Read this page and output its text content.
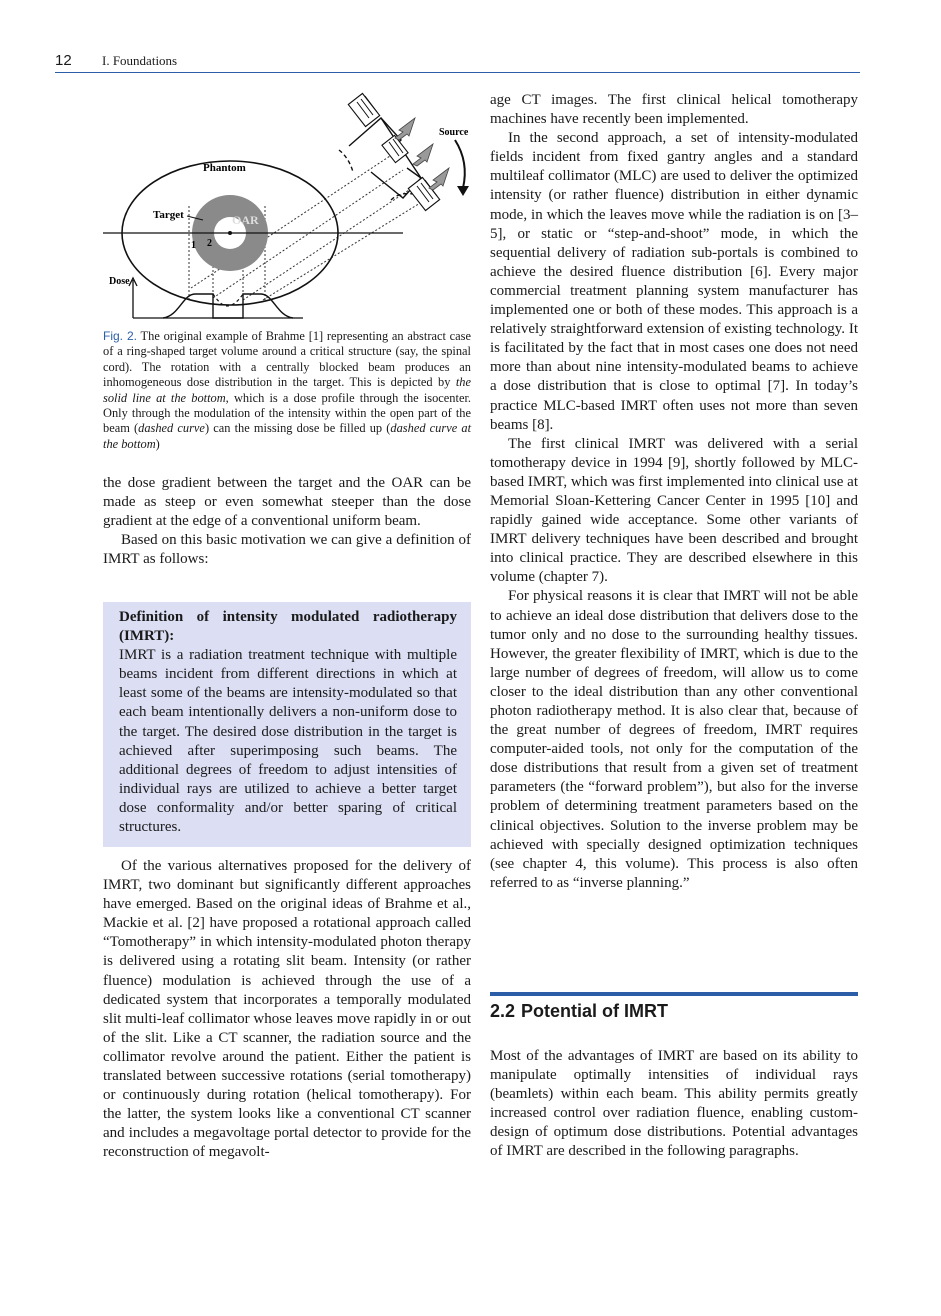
12 I. Foundations
Phantom
Target	OAR
1 2
Source
Dose
Fig. 2. The original example of Brahme [1] representing an abstract case of a ring-shaped target volume around a critical structure (say, the spinal cord). The rotation with a centrally blocked beam produces an inhomogeneous dose distribution in the target. This is depicted by the solid line at the bottom, which is a dose profile through the isocenter. Only through the modulation of the intensity within the open part of the beam (dashed curve) can the missing dose be filled up (dashed curve at the bottom)

the dose gradient between the target and the OAR can be made as steep or even somewhat steeper than the dose gradient at the edge of a conventional uniform beam.

Based on this basic motivation we can give a definition of IMRT as follows:

Definition of intensity modulated radiotherapy (IMRT):

IMRT is a radiation treatment technique with multiple beams incident from different directions in which at least some of the beams are intensity-modulated so that each beam intentionally delivers a non-uniform dose to the target. The desired dose distribution in the target is achieved after superimposing such beams. The additional degrees of freedom to adjust intensities of individual rays are utilized to achieve a better target dose conformality and/or better sparing of critical structures.

Of the various alternatives proposed for the delivery of IMRT, two dominant but significantly different approaches have emerged. Based on the original ideas of Brahme et al., Mackie et al. [2] have proposed a rotational approach called “Tomotherapy” in which intensity-modulated photon therapy is delivered using a rotating slit beam. Intensity (or rather fluence) modulation is achieved through the use of a dedicated system that incorporates a temporally modulated slit multi-leaf collimator whose leaves move rapidly in or out of the slit. Like a CT scanner, the radiation source and the collimator revolve around the patient. Either the patient is translated between successive rotations (serial tomotherapy) or continuously during rotation (helical tomotherapy). For the latter, the system looks like a conventional CT scanner and includes a megavoltage portal detector to provide for the reconstruction of megavolt-

age CT images. The first clinical helical tomotherapy machines have recently been implemented.

In the second approach, a set of intensity-modulated fields incident from fixed gantry angles and a standard multileaf collimator (MLC) are used to deliver the optimized intensity (or rather fluence) distribution in either dynamic mode, in which the leaves move while the radiation is on [3–5], or static or “step-and-shoot” mode, in which the sequential delivery of radiation sub-portals is combined to achieve the desired fluence distribution [6]. Every major commercial treatment planning system manufacturer has implemented one or both of these modes. This approach is a relatively straightforward extension of existing technology. It is facilitated by the fact that in most cases one does not need more than about nine intensity-modulated beams to achieve a dose distribution that is close to optimal [7]. In today’s practice MLC-based IMRT often uses not more than seven beams [8].

The first clinical IMRT was delivered with a serial tomotherapy device in 1994 [9], shortly followed by MLC-based IMRT, which was first implemented into clinical use at Memorial Sloan-Kettering Cancer Center in 1995 [10] and rapidly gained wide acceptance. Some other variants of IMRT delivery techniques have been described and brought into clinical practice. They are described elsewhere in this volume (chapter 7).

For physical reasons it is clear that IMRT will not be able to achieve an ideal dose distribution that delivers dose to the tumor only and no dose to the surrounding healthy tissues. However, the greater flexibility of IMRT, which is due to the large number of degrees of freedom, will allow us to come closer to the ideal distribution than any other conventional photon radiotherapy method. It is also clear that, because of the great number of degrees of freedom, IMRT requires computer-aided tools, not only for the computation of the dose distributions that result from a given set of treatment parameters (the “forward problem”), but also for the inverse problem of determining treatment parameters based on the clinical objectives. Solution to the inverse problem may be achieved with specially designed optimization techniques (see chapter 4, this volume). This process is also often referred to as “inverse planning.”

2.2 Potential of IMRT

Most of the advantages of IMRT are based on its ability to manipulate optimally intensities of individual rays (beamlets) within each beam. This ability permits greatly increased control over radiation fluence, enabling custom-design of optimum dose distributions. Potential advantages of IMRT are described in the following paragraphs.
